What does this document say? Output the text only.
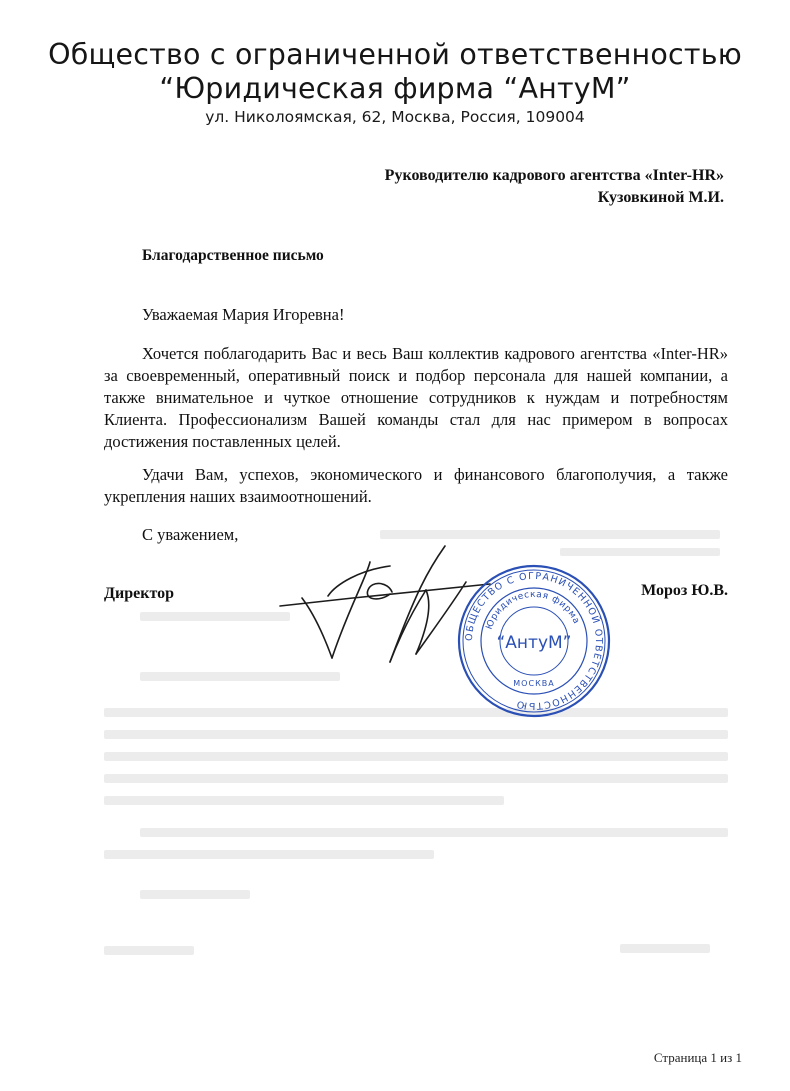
Общество с ограниченной ответственностью
“Юридическая фирма “АнтуМ”
ул. Николоямская, 62, Москва, Россия, 109004
Руководителю кадрового агентства «Inter-HR»
Кузовкиной М.И.
Благодарственное письмо
Уважаемая Мария Игоревна!
Хочется поблагодарить Вас и весь Ваш коллектив кадрового агентства «Inter-HR» за своевременный, оперативный поиск и подбор персонала для нашей компании, а также внимательное и чуткое отношение сотрудников к нуждам и потребностям Клиента. Профессионализм Вашей команды стал для нас примером в вопросах достижения поставленных целей.
Удачи Вам, успехов, экономического и финансового благополучия, а также укрепления наших взаимоотношений.
С уважением,
Директор
ОБЩЕСТВО С ОГРАНИЧЕННОЙ ОТВЕТСТВЕННОСТЬЮ
Юридическая фирма
“АнтуМ”
МОСКВА
Мороз Ю.В.
Страница 1 из 1
